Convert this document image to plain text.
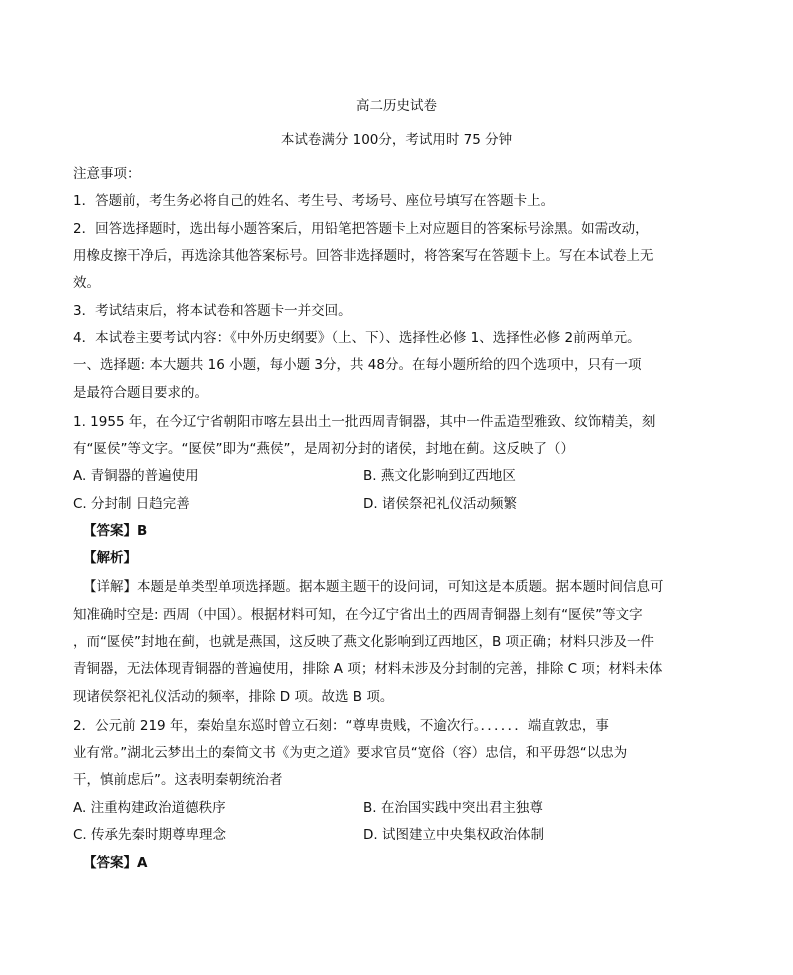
高二历史试卷
本试卷满分 100分，考试用时 75 分钟
注意事项：
1．答题前，考生务必将自己的姓名、考生号、考场号、座位号填写在答题卡上。
2．回答选择题时，选出每小题答案后，用铅笔把答题卡上对应题目的答案标号涂黑。如需改动，
用橡皮擦干净后，再选涂其他答案标号。回答非选择题时，将答案写在答题卡上。写在本试卷上无
效。
3．考试结束后，将本试卷和答题卡一并交回。
4．本试卷主要考试内容：《中外历史纲要》（上、下）、选择性必修 1、选择性必修 2前两单元。
一、选择题: 本大题共 16 小题，每小题 3分，共 48分。在每小题所给的四个选项中，只有一项
是最符合题目要求的。
1. 1955 年，在今辽宁省朝阳市喀左县出土一批西周青铜器，其中一件盂造型雅致、纹饰精美，刻
有“匽侯”等文字。“匽侯”即为“燕侯”，是周初分封的诸侯，封地在蓟。这反映了（）
A. 青铜器的普遍使用	B. 燕文化影响到辽西地区
C. 分封制 日趋完善	D. 诸侯祭祀礼仪活动频繁
【答案】B
【解析】
【详解】本题是单类型单项选择题。据本题主题干的设问词，可知这是本质题。据本题时间信息可
知准确时空是: 西周（中国）。根据材料可知，在今辽宁省出土的西周青铜器上刻有“匽侯”等文字
，而“匽侯”封地在蓟，也就是燕国，这反映了燕文化影响到辽西地区，B 项正确；材料只涉及一件
青铜器，无法体现青铜器的普遍使用，排除 A 项；材料未涉及分封制的完善，排除 C 项；材料未体
现诸侯祭祀礼仪活动的频率，排除 D 项。故选 B 项。
2．公元前 219 年，秦始皇东巡时曾立石刻：“尊卑贵贱，不逾次行。．．．．．．端直敦忠，事
业有常。”湖北云梦出土的秦简文书《为吏之道》要求官员“宽俗（容）忠信，和平毋怨“以忠为
干，慎前虑后”。这表明秦朝统治者
A. 注重构建政治道德秩序	B. 在治国实践中突出君主独尊
C. 传承先秦时期尊卑理念	D. 试图建立中央集权政治体制
【答案】A
